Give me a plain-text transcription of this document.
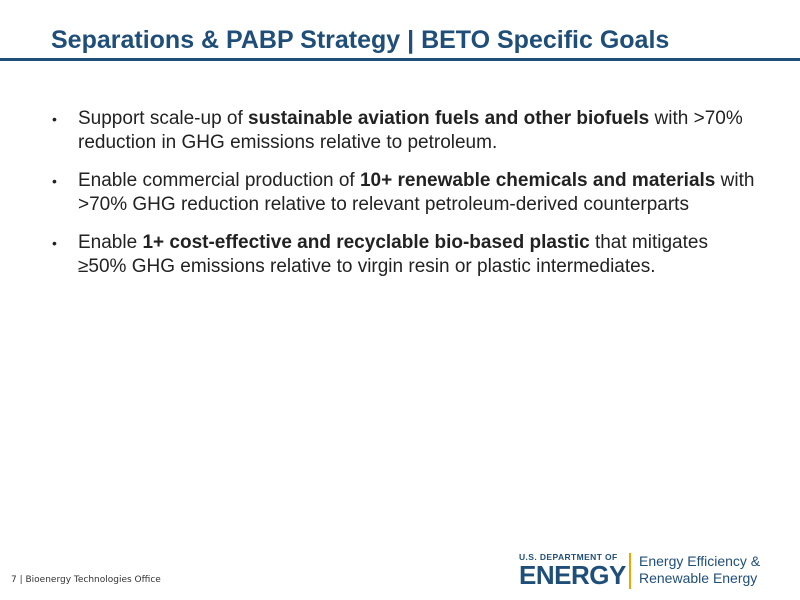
Separations & PABP Strategy | BETO Specific Goals
• Support scale-up of sustainable aviation fuels and other biofuels with >70% reduction in GHG emissions relative to petroleum.
• Enable commercial production of 10+ renewable chemicals and materials with >70% GHG reduction relative to relevant petroleum-derived counterparts
• Enable 1+ cost-effective and recyclable bio-based plastic that mitigates ≥50% GHG emissions relative to virgin resin or plastic intermediates.
7 | Bioenergy Technologies Office
U.S. DEPARTMENT OF
ENERGY Energy Efficiency &
Renewable Energy
